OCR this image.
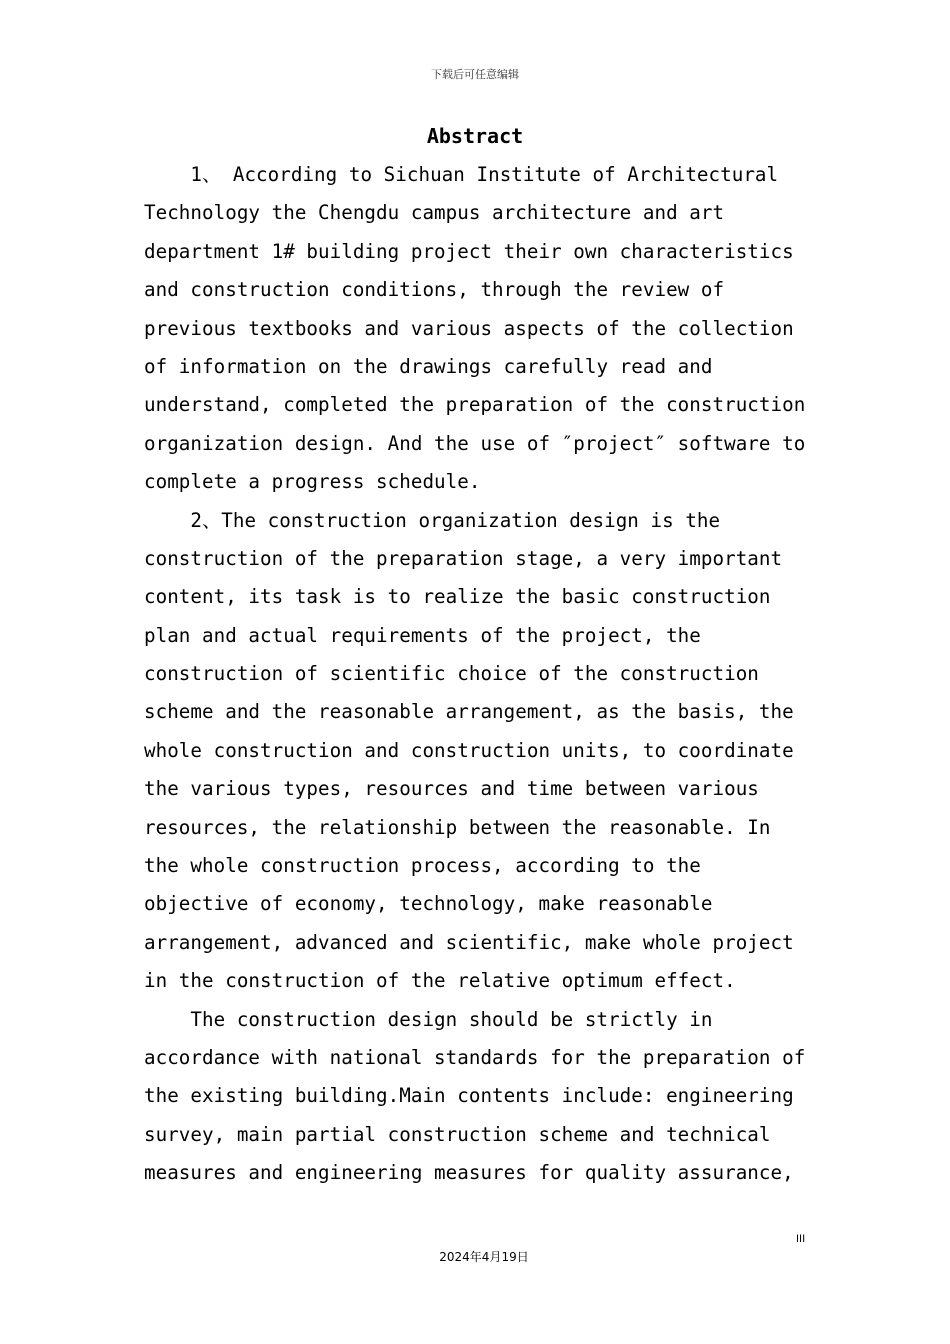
下载后可任意编辑
Abstract
1、 According to Sichuan Institute of Architectural
Technology the Chengdu campus architecture and art
department 1# building project their own characteristics
and construction conditions, through the review of
previous textbooks and various aspects of the collection
of information on the drawings carefully read and
understand, completed the preparation of the construction
organization design. And the use of ″project″ software to
complete a progress schedule.
2、The construction organization design is the
construction of the preparation stage, a very important
content, its task is to realize the basic construction
plan and actual requirements of the project, the
construction of scientific choice of the construction
scheme and the reasonable arrangement, as the basis, the
whole construction and construction units, to coordinate
the various types, resources and time between various
resources, the relationship between the reasonable. In
the whole construction process, according to the
objective of economy, technology, make reasonable
arrangement, advanced and scientific, make whole project
in the construction of the relative optimum effect.
The construction design should be strictly in
accordance with national standards for the preparation of
the existing building.Main contents include: engineering
survey, main partial construction scheme and technical
measures and engineering measures for quality assurance,
III
2024年4月19日
